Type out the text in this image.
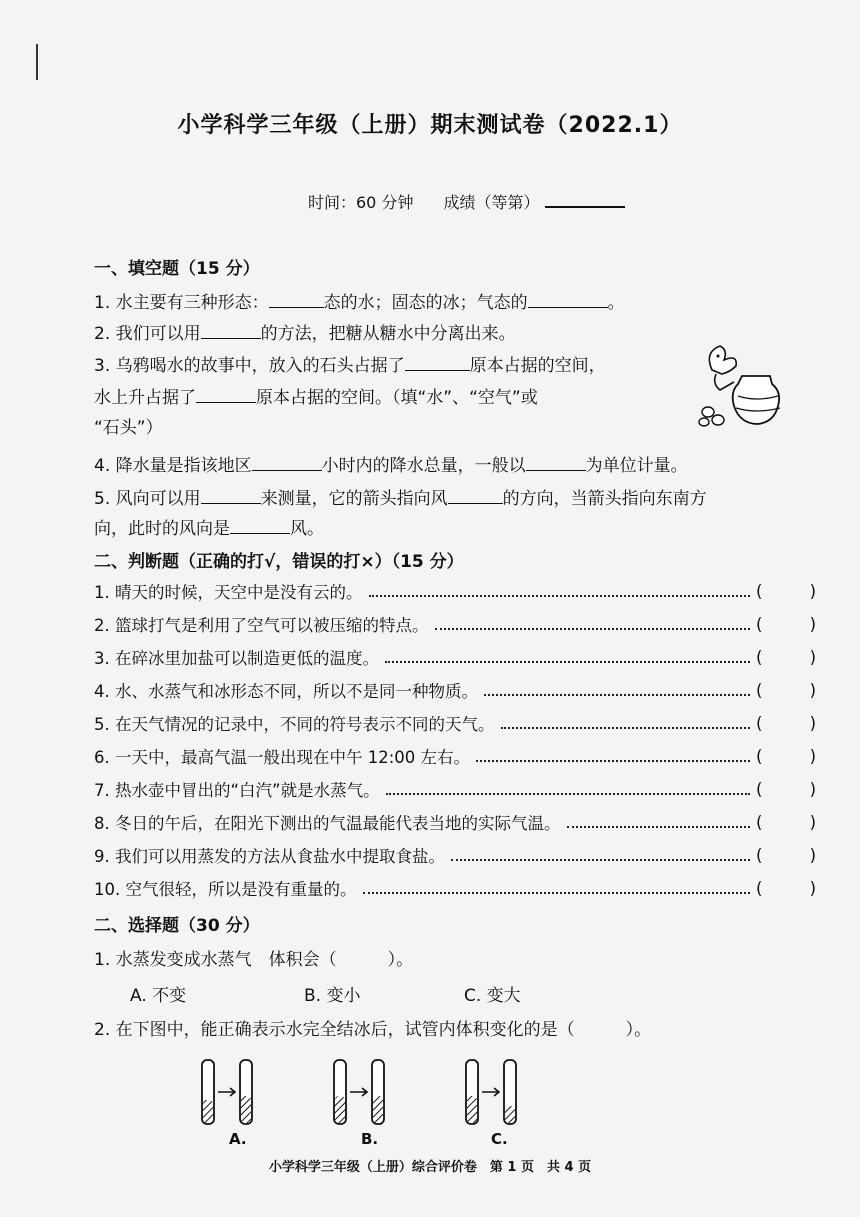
小学科学三年级（上册）期末测试卷（2022.1）
时间：60 分钟 成绩（等第）
一、填空题（15 分）
1. 水主要有三种形态：	态的水；固态的冰；气态的	。
2. 我们可以用	的方法，把糖从糖水中分离出来。
3. 乌鸦喝水的故事中，放入的石头占据了	原本占据的空间，
水上升占据了	原本占据的空间。（填“水”、“空气”或
“石头”）
4. 降水量是指该地区	小时内的降水总量，一般以	为单位计量。
5. 风向可以用	来测量，它的箭头指向风	的方向，当箭头指向东南方
向，此时的风向是	风。
二、判断题（正确的打√，错误的打×）（15 分）
1. 晴天的时候，天空中是没有云的。	(	)
2. 篮球打气是利用了空气可以被压缩的特点。	(	)
3. 在碎冰里加盐可以制造更低的温度。	(	)
4. 水、水蒸气和冰形态不同，所以不是同一种物质。	(	)
5. 在天气情况的记录中，不同的符号表示不同的天气。	(	)
6. 一天中，最高气温一般出现在中午 12:00 左右。	(	)
7. 热水壶中冒出的“白汽”就是水蒸气。	(	)
8. 冬日的午后，在阳光下测出的气温最能代表当地的实际气温。	(	)
9. 我们可以用蒸发的方法从食盐水中提取食盐。	(	)
10. 空气很轻，所以是没有重量的。	(	)
二、选择题（30 分）
1. 水蒸发变成水蒸气　体积会（　　　）。
A. 不变	B. 变小	C. 变大
2. 在下图中，能正确表示水完全结冰后，试管内体积变化的是（　　　）。
A.	B.	C.
小学科学三年级（上册）综合评价卷　第 1 页　共 4 页
